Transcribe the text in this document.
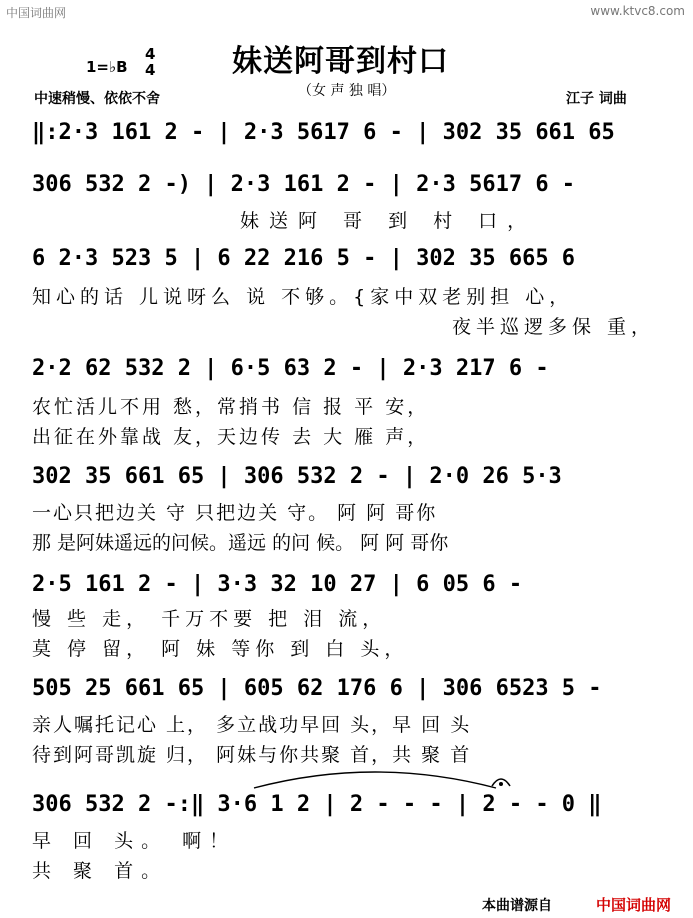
中国词曲网	www.ktvc8.com
妹送阿哥到村口
1=♭B
4
4
中速稍慢、依依不舍	（女 声 独 唱）	江子 词曲
‖:2·3 161 2 - | 2·3 5617 6 - | 302 35 661 65
306 532 2 -) | 2·3 161 2 - | 2·3 5617 6 -
妹送阿 哥 到 村 口，
6 2·3 523 5 | 6 22 216 5 - | 302 35 665 6
知心的话 儿说呀么 说 不够。{家中双老别担 心，
夜半巡逻多保 重，
2·2 62 532 2 | 6·5 63 2 - | 2·3 217 6 -
农忙活儿不用 愁，常捎书 信 报 平 安，
出征在外靠战 友，天边传 去 大 雁 声，
302 35 661 65 | 306 532 2 - | 2·0 26 5·3
一心只把边关 守 只把边关 守。 阿 阿 哥你
那 是阿妹遥远的问候。遥远 的问 候。 阿 阿 哥你
2·5 161 2 - | 3·3 32 10 27 | 6 05 6 -
慢 些 走， 千万不要 把 泪 流，
莫 停 留， 阿 妹 等你 到 白 头，
505 25 661 65 | 605 62 176 6 | 306 6523 5 -
亲人嘱托记心 上， 多立战功早回 头，早 回 头
待到阿哥凯旋 归， 阿妹与你共聚 首，共 聚 首
306 532 2 -:‖ 3·6 1 2 | 2 - - - | 2 - - 0 ‖
早 回 头。 啊！
共 聚 首。
本曲谱源自	中国词曲网
